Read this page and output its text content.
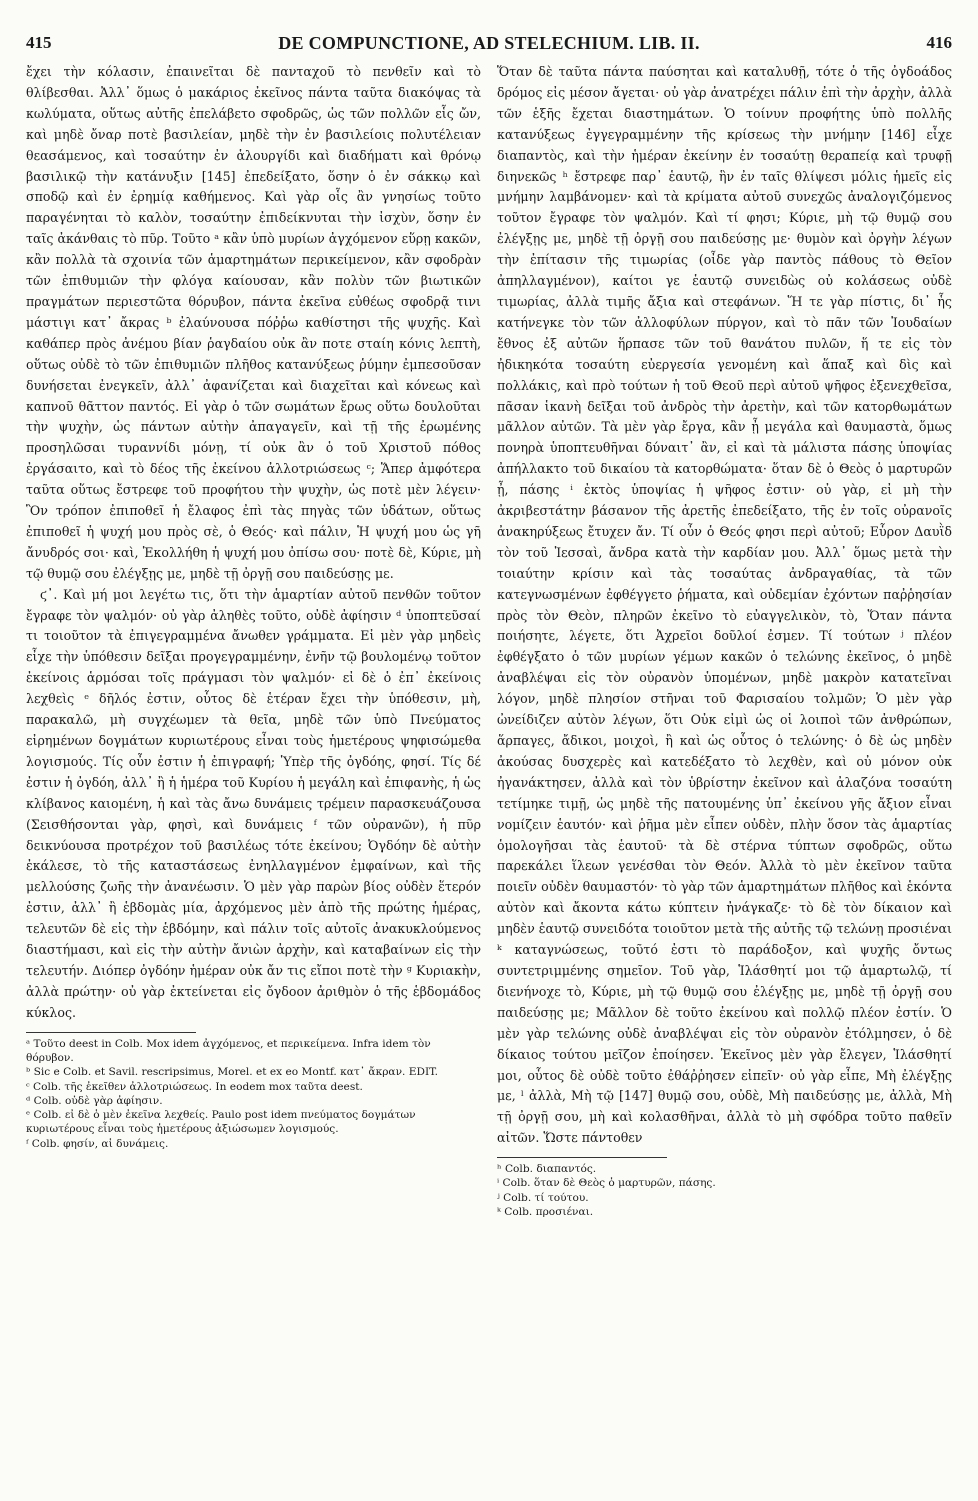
415	DE COMPUNCTIONE, AD STELECHIUM. LIB. II.	416

ἔχει τὴν κόλασιν, ἐπαινεῖται δὲ πανταχοῦ τὸ πενθεῖν καὶ τὸ θλίβεσθαι. Ἀλλ᾽ ὅμως ὁ μακάριος ἐκεῖνος πάντα ταῦτα διακόψας τὰ κωλύματα, οὕτως αὐτῆς ἐπελάβετο σφοδρῶς, ὡς τῶν πολλῶν εἷς ὤν, καὶ μηδὲ ὄναρ ποτὲ βασιλείαν, μηδὲ τὴν ἐν βασιλείοις πολυτέλειαν θεασάμενος, καὶ τοσαύτην ἐν ἁλουργίδι καὶ διαδήματι καὶ θρόνῳ βασιλικῷ τὴν κατάνυξιν [145] ἐπεδείξατο, ὅσην ὁ ἐν σάκκῳ καὶ σποδῷ καὶ ἐν ἐρημίᾳ καθήμενος. Καὶ γὰρ οἷς ἂν γνησίως τοῦτο παραγένηται τὸ καλὸν, τοσαύτην ἐπιδείκνυται τὴν ἰσχὺν, ὅσην ἐν ταῖς ἀκάνθαις τὸ πῦρ. Τοῦτο ᵃ κἂν ὑπὸ μυρίων ἀγχόμενον εὕρῃ κακῶν, κἂν πολλὰ τὰ σχοινία τῶν ἁμαρτημάτων περικείμενον, κἂν σφοδρὰν τῶν ἐπιθυμιῶν τὴν φλόγα καίουσαν, κἂν πολὺν τῶν βιωτικῶν πραγμάτων περιεστῶτα θόρυβον, πάντα ἐκεῖνα εὐθέως σφοδρᾷ τινι μάστιγι κατ᾽ ἄκρας ᵇ ἐλαύνουσα πόῤῥω καθίστησι τῆς ψυχῆς. Καὶ καθάπερ πρὸς ἀνέμου βίαν ῥαγδαίου οὐκ ἂν ποτε σταίη κόνις λεπτὴ, οὕτως οὐδὲ τὸ τῶν ἐπιθυμιῶν πλῆθος κατανύξεως ῥύμην ἐμπεσοῦσαν δυνήσεται ἐνεγκεῖν, ἀλλ᾽ ἀφανίζεται καὶ διαχεῖται καὶ κόνεως καὶ καπνοῦ θᾶττον παντός. Εἰ γὰρ ὁ τῶν σωμάτων ἔρως οὕτω δουλοῦται τὴν ψυχὴν, ὡς πάντων αὐτὴν ἀπαγαγεῖν, καὶ τῇ τῆς ἐρωμένης προσηλῶσαι τυραννίδι μόνῃ, τί οὐκ ἂν ὁ τοῦ Χριστοῦ πόθος ἐργάσαιτο, καὶ τὸ δέος τῆς ἐκείνου ἀλλοτριώσεως ᶜ; Ἅπερ ἀμφότερα ταῦτα οὕτως ἔστρεφε τοῦ προφήτου τὴν ψυχὴν, ὡς ποτὲ μὲν λέγειν· Ὃν τρόπον ἐπιποθεῖ ἡ ἔλαφος ἐπὶ τὰς πηγὰς τῶν ὑδάτων, οὕτως ἐπιποθεῖ ἡ ψυχή μου πρὸς σὲ, ὁ Θεός· καὶ πάλιν, Ἡ ψυχή μου ὡς γῆ ἄνυδρός σοι· καὶ, Ἐκολλήθη ἡ ψυχή μου ὀπίσω σου· ποτὲ δὲ, Κύριε, μὴ τῷ θυμῷ σου ἐλέγξῃς με, μηδὲ τῇ ὀργῇ σου παιδεύσῃς με.

ϛ᾽. Καὶ μή μοι λεγέτω τις, ὅτι τὴν ἁμαρτίαν αὐτοῦ πενθῶν τοῦτον ἔγραφε τὸν ψαλμόν· οὐ γὰρ ἀληθὲς τοῦτο, οὐδὲ ἀφίησιν ᵈ ὑποπτεῦσαί τι τοιοῦτον τὰ ἐπιγεγραμμένα ἄνωθεν γράμματα. Εἰ μὲν γὰρ μηδεὶς εἶχε τὴν ὑπόθεσιν δεῖξαι προγεγραμμένην, ἐνῆν τῷ βουλομένῳ τοῦτον ἐκείνοις ἁρμόσαι τοῖς πράγμασι τὸν ψαλμόν· εἰ δὲ ὁ ἐπ᾽ ἐκείνοις λεχθεὶς ᵉ δῆλός ἐστιν, οὗτος δὲ ἑτέραν ἔχει τὴν ὑπόθεσιν, μὴ, παρακαλῶ, μὴ συγχέωμεν τὰ θεῖα, μηδὲ τῶν ὑπὸ Πνεύματος εἰρημένων δογμάτων κυριωτέρους εἶναι τοὺς ἡμετέρους ψηφισώμεθα λογισμούς. Τίς οὖν ἐστιν ἡ ἐπιγραφή; Ὑπὲρ τῆς ὀγδόης, φησί. Τίς δέ ἐστιν ἡ ὀγδόη, ἀλλ᾽ ἢ ἡ ἡμέρα τοῦ Κυρίου ἡ μεγάλη καὶ ἐπιφανὴς, ἡ ὡς κλίβανος καιομένη, ἡ καὶ τὰς ἄνω δυνάμεις τρέμειν παρασκευάζουσα (Σεισθήσονται γὰρ, φησὶ, καὶ δυνάμεις ᶠ τῶν οὐρανῶν), ἡ πῦρ δεικνύουσα προτρέχον τοῦ βασιλέως τότε ἐκείνου; Ὀγδόην δὲ αὐτὴν ἐκάλεσε, τὸ τῆς καταστάσεως ἐνηλλαγμένον ἐμφαίνων, καὶ τῆς μελλούσης ζωῆς τὴν ἀνανέωσιν. Ὁ μὲν γὰρ παρὼν βίος οὐδὲν ἕτερόν ἐστιν, ἀλλ᾽ ἢ ἑβδομὰς μία, ἀρχόμενος μὲν ἀπὸ τῆς πρώτης ἡμέρας, τελευτῶν δὲ εἰς τὴν ἑβδόμην, καὶ πάλιν τοῖς αὐτοῖς ἀνακυκλούμενος διαστήμασι, καὶ εἰς τὴν αὐτὴν ἄνιὼν ἀρχὴν, καὶ καταβαίνων εἰς τὴν τελευτήν. Διόπερ ὀγδόην ἡμέραν οὐκ ἄν τις εἴποι ποτὲ τὴν ᵍ Κυριακὴν, ἀλλὰ πρώτην· οὐ γὰρ ἐκτείνεται εἰς ὄγδοον ἀριθμὸν ὁ τῆς ἑβδομάδος κύκλος.

ᵃ Τοῦτο deest in Colb. Mox idem ἀγχόμενος, et περικείμενα. Infra idem τὸν θόρυβον.
ᵇ Sic e Colb. et Savil. rescripsimus, Morel. et ex eo Montf. κατ᾽ ἄκραν. EDIT.
ᶜ Colb. τῆς ἐκεῖθεν ἀλλοτριώσεως. In eodem mox ταῦτα deest.
ᵈ Colb. οὐδὲ γὰρ ἀφίησιν.
ᵉ Colb. εἰ δὲ ὁ μὲν ἐκεῖνα λεχθείς. Paulo post idem πνεύματος δογμάτων κυριωτέρους εἶναι τοὺς ἡμετέρους ἀξιώσωμεν λογισμούς.
ᶠ Colb. φησίν, αἱ δυνάμεις.

Ὅταν δὲ ταῦτα πάντα παύσηται καὶ καταλυθῇ, τότε ὁ τῆς ὀγδοάδος δρόμος εἰς μέσον ἄγεται· οὐ γὰρ ἀνατρέχει πάλιν ἐπὶ τὴν ἀρχὴν, ἀλλὰ τῶν ἑξῆς ἔχεται διαστημάτων. Ὁ τοίνυν προφήτης ὑπὸ πολλῆς κατανύξεως ἐγγεγραμμένην τῆς κρίσεως τὴν μνήμην [146] εἶχε διαπαντὸς, καὶ τὴν ἡμέραν ἐκείνην ἐν τοσαύτῃ θεραπείᾳ καὶ τρυφῇ διηνεκῶς ʰ ἔστρεφε παρ᾽ ἑαυτῷ, ἣν ἐν ταῖς θλίψεσι μόλις ἡμεῖς εἰς μνήμην λαμβάνομεν· καὶ τὰ κρίματα αὐτοῦ συνεχῶς ἀναλογιζόμενος τοῦτον ἔγραφε τὸν ψαλμόν. Καὶ τί φησι; Κύριε, μὴ τῷ θυμῷ σου ἐλέγξῃς με, μηδὲ τῇ ὀργῇ σου παιδεύσῃς με· θυμὸν καὶ ὀργὴν λέγων τὴν ἐπίτασιν τῆς τιμωρίας (οἶδε γὰρ παντὸς πάθους τὸ Θεῖον ἀπηλλαγμένον), καίτοι γε ἑαυτῷ συνειδὼς οὐ κολάσεως οὐδὲ τιμωρίας, ἀλλὰ τιμῆς ἄξια καὶ στεφάνων. Ἥ τε γὰρ πίστις, δι᾽ ἧς κατήνεγκε τὸν τῶν ἀλλοφύλων πύργον, καὶ τὸ πᾶν τῶν Ἰουδαίων ἔθνος ἐξ αὐτῶν ἥρπασε τῶν τοῦ θανάτου πυλῶν, ἥ τε εἰς τὸν ἠδικηκότα τοσαύτη εὐεργεσία γενομένη καὶ ἅπαξ καὶ δὶς καὶ πολλάκις, καὶ πρὸ τούτων ἡ τοῦ Θεοῦ περὶ αὐτοῦ ψῆφος ἐξενεχθεῖσα, πᾶσαν ἱκανὴ δεῖξαι τοῦ ἀνδρὸς τὴν ἀρετὴν, καὶ τῶν κατορθωμάτων μᾶλλον αὐτῶν. Τὰ μὲν γὰρ ἔργα, κἂν ᾖ μεγάλα καὶ θαυμαστὰ, ὅμως πονηρὰ ὑποπτευθῆναι δύναιτ᾽ ἂν, εἰ καὶ τὰ μάλιστα πάσης ὑποψίας ἀπήλλακτο τοῦ δικαίου τὰ κατορθώματα· ὅταν δὲ ὁ Θεὸς ὁ μαρτυρῶν ᾖ, πάσης ⁱ ἐκτὸς ὑποψίας ἡ ψῆφος ἐστιν· οὐ γὰρ, εἰ μὴ τὴν ἀκριβεστάτην βάσανον τῆς ἀρετῆς ἐπεδείξατο, τῆς ἐν τοῖς οὐρανοῖς ἀνακηρύξεως ἔτυχεν ἄν. Τί οὖν ὁ Θεός φησι περὶ αὐτοῦ; Εὗρον Δαυῒδ τὸν τοῦ Ἰεσσαὶ, ἄνδρα κατὰ τὴν καρδίαν μου. Ἀλλ᾽ ὅμως μετὰ τὴν τοιαύτην κρίσιν καὶ τὰς τοσαύτας ἀνδραγαθίας, τὰ τῶν κατεγνωσμένων ἐφθέγγετο ῥήματα, καὶ οὐδεμίαν ἐχόντων παῤῥησίαν πρὸς τὸν Θεὸν, πληρῶν ἐκεῖνο τὸ εὐαγγελικὸν, τὸ, Ὅταν πάντα ποιήσητε, λέγετε, ὅτι Ἀχρεῖοι δοῦλοί ἐσμεν. Τί τούτων ʲ πλέον ἐφθέγξατο ὁ τῶν μυρίων γέμων κακῶν ὁ τελώνης ἐκεῖνος, ὁ μηδὲ ἀναβλέψαι εἰς τὸν οὐρανὸν ὑπομένων, μηδὲ μακρὸν κατατεῖναι λόγον, μηδὲ πλησίον στῆναι τοῦ Φαρισαίου τολμῶν; Ὁ μὲν γὰρ ὠνείδιζεν αὐτὸν λέγων, ὅτι Οὐκ εἰμὶ ὡς οἱ λοιποὶ τῶν ἀνθρώπων, ἅρπαγες, ἄδικοι, μοιχοὶ, ἢ καὶ ὡς οὗτος ὁ τελώνης· ὁ δὲ ὡς μηδὲν ἀκούσας δυσχερὲς καὶ κατεδέξατο τὸ λεχθὲν, καὶ οὐ μόνον οὐκ ἠγανάκτησεν, ἀλλὰ καὶ τὸν ὑβρίστην ἐκεῖνον καὶ ἀλαζόνα τοσαύτη τετίμηκε τιμῇ, ὡς μηδὲ τῆς πατουμένης ὑπ᾽ ἐκείνου γῆς ἄξιον εἶναι νομίζειν ἑαυτόν· καὶ ῥῆμα μὲν εἶπεν οὐδὲν, πλὴν ὅσον τὰς ἁμαρτίας ὁμολογῆσαι τὰς ἑαυτοῦ· τὰ δὲ στέρνα τύπτων σφοδρῶς, οὕτω παρεκάλει ἵλεων γενέσθαι τὸν Θεόν. Ἀλλὰ τὸ μὲν ἐκεῖνον ταῦτα ποιεῖν οὐδὲν θαυμαστόν· τὸ γὰρ τῶν ἁμαρτημάτων πλῆθος καὶ ἑκόντα αὐτὸν καὶ ἄκοντα κάτω κύπτειν ἠνάγκαζε· τὸ δὲ τὸν δίκαιον καὶ μηδὲν ἑαυτῷ συνειδότα τοιοῦτον μετὰ τῆς αὐτῆς τῷ τελώνῃ προσιέναι ᵏ καταγνώσεως, τοῦτό ἐστι τὸ παράδοξον, καὶ ψυχῆς ὄντως συντετριμμένης σημεῖον. Τοῦ γὰρ, Ἱλάσθητί μοι τῷ ἁμαρτωλῷ, τί διενήνοχε τὸ, Κύριε, μὴ τῷ θυμῷ σου ἐλέγξῃς με, μηδὲ τῇ ὀργῇ σου παιδεύσῃς με; Μᾶλλον δὲ τοῦτο ἐκείνου καὶ πολλῷ πλέον ἐστίν. Ὁ μὲν γὰρ τελώνης οὐδὲ ἀναβλέψαι εἰς τὸν οὐρανὸν ἐτόλμησεν, ὁ δὲ δίκαιος τούτου μεῖζον ἐποίησεν. Ἐκεῖνος μὲν γὰρ ἔλεγεν, Ἱλάσθητί μοι, οὗτος δὲ οὐδὲ τοῦτο ἐθάῤῥησεν εἰπεῖν· οὐ γὰρ εἶπε, Μὴ ἐλέγξῃς με, ˡ ἀλλὰ, Μὴ τῷ [147] θυμῷ σου, οὐδὲ, Μὴ παιδεύσῃς με, ἀλλὰ, Μὴ τῇ ὀργῇ σου, μὴ καὶ κολασθῆναι, ἀλλὰ τὸ μὴ σφόδρα τοῦτο παθεῖν αἰτῶν. Ὥστε πάντοθεν

ʰ Colb. διαπαντός.
ⁱ Colb. ὅταν δὲ Θεὸς ὁ μαρτυρῶν, πάσης.
ʲ Colb. τί τούτου.
ᵏ Colb. προσιέναι.
